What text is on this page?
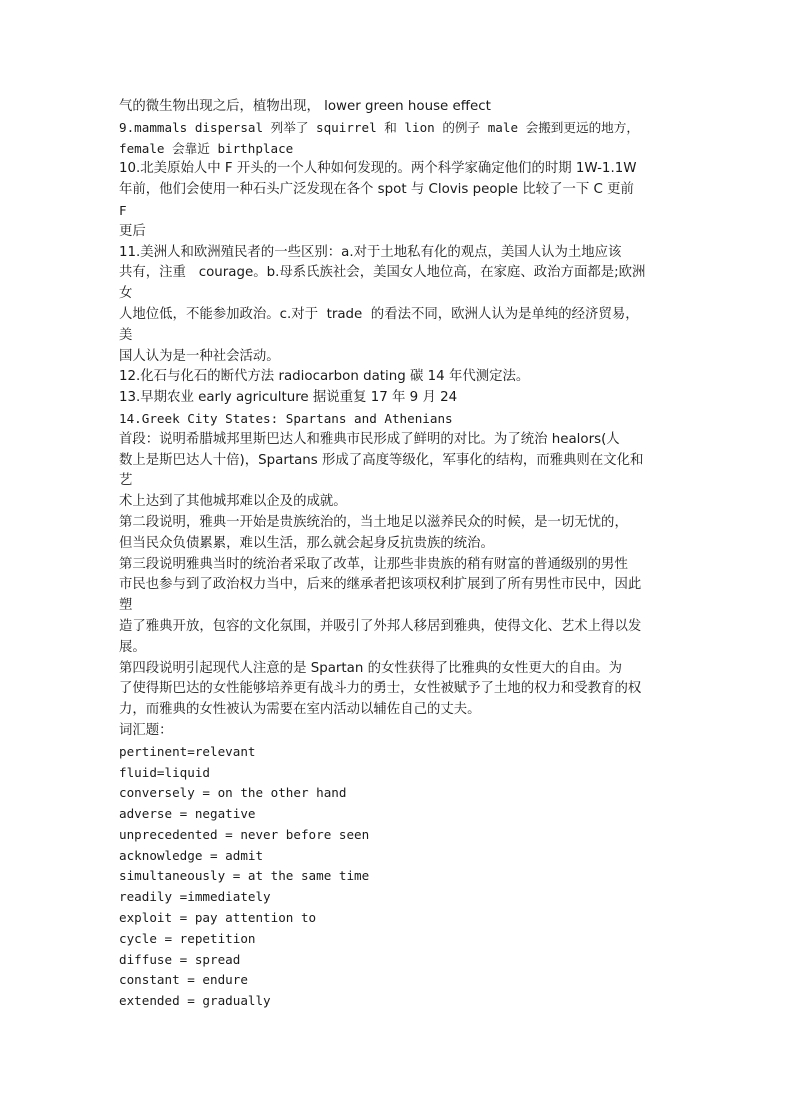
气的微生物出现之后，植物出现， lower green house effect
9.mammals dispersal 列举了 squirrel 和 lion 的例子 male 会搬到更远的地方，
female 会靠近 birthplace
10.北美原始人中 F 开头的一个人种如何发现的。两个科学家确定他们的时期 1W-1.1W
年前，他们会使用一种石头广泛发现在各个 spot 与 Clovis people 比较了一下 C 更前
F
更后
11.美洲人和欧洲殖民者的一些区别：a.对于土地私有化的观点，美国人认为土地应该
共有，注重   courage。b.母系氏族社会，美国女人地位高，在家庭、政治方面都是;欧洲
女
人地位低，不能参加政治。c.对于  trade  的看法不同，欧洲人认为是单纯的经济贸易，
美
国人认为是一种社会活动。
12.化石与化石的断代方法 radiocarbon dating 碳 14 年代测定法。
13.早期农业 early agriculture 据说重复 17 年 9 月 24
14.Greek City States: Spartans and Athenians
首段：说明希腊城邦里斯巴达人和雅典市民形成了鲜明的对比。为了统治 healors(人
数上是斯巴达人十倍)，Spartans 形成了高度等级化，军事化的结构，而雅典则在文化和
艺
术上达到了其他城邦难以企及的成就。
第二段说明，雅典一开始是贵族统治的，当土地足以滋养民众的时候，是一切无忧的，
但当民众负债累累，难以生活，那么就会起身反抗贵族的统治。
第三段说明雅典当时的统治者采取了改革，让那些非贵族的稍有财富的普通级别的男性
市民也参与到了政治权力当中，后来的继承者把该项权利扩展到了所有男性市民中，因此
塑
造了雅典开放，包容的文化氛围，并吸引了外邦人移居到雅典，使得文化、艺术上得以发
展。
第四段说明引起现代人注意的是 Spartan 的女性获得了比雅典的女性更大的自由。为
了使得斯巴达的女性能够培养更有战斗力的勇士，女性被赋予了土地的权力和受教育的权
力，而雅典的女性被认为需要在室内活动以辅佐自己的丈夫。
词汇题：
pertinent=relevant
fluid=liquid
conversely = on the other hand
adverse = negative
unprecedented = never before seen
acknowledge = admit
simultaneously = at the same time
readily =immediately
exploit = pay attention to
cycle = repetition
diffuse = spread
constant = endure
extended = gradually
